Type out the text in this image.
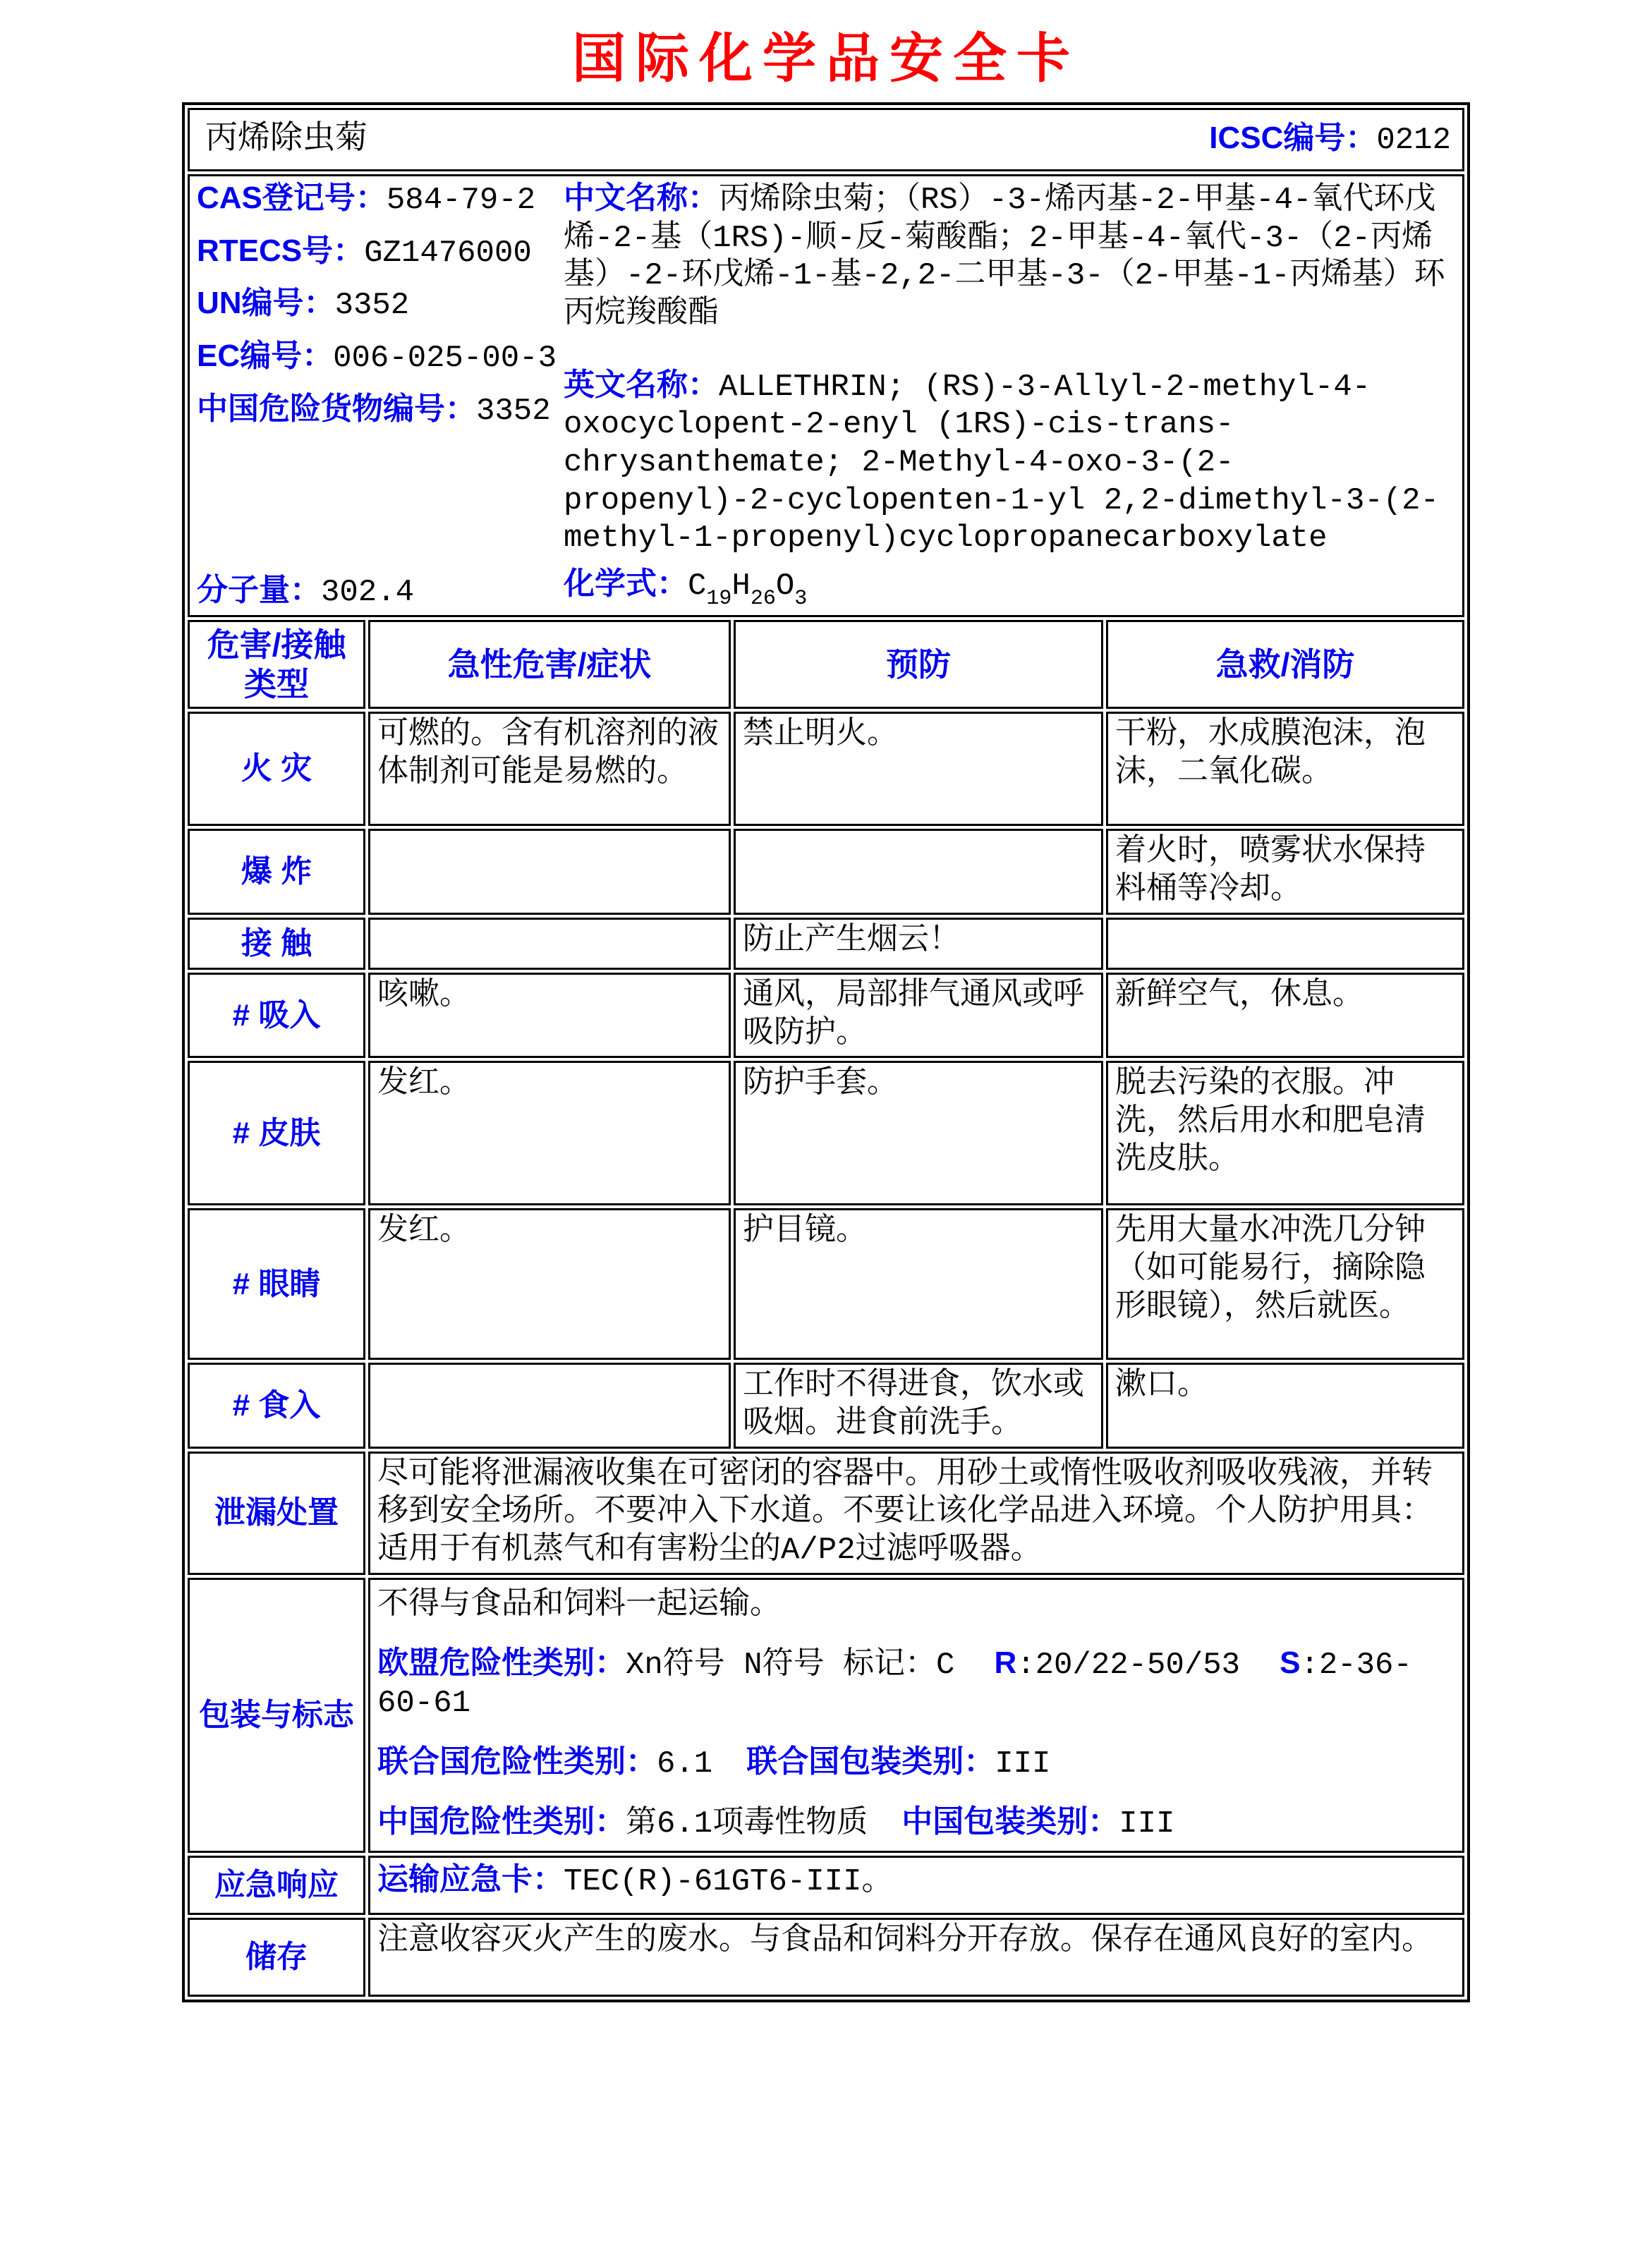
国际化学品安全卡
丙烯除虫菊 ICSC编号：0212			

CAS登记号：584-79-2
RTECS号：GZ1476000
UN编号：3352
EC编号：006-025-00-3
中国危险货物编号：3352
分子量：302.4

中文名称：丙烯除虫菊；（RS）-3-烯丙基-2-甲基-4-氧代环戊烯-2-基（1RS)-顺-反-菊酸酯；2-甲基-4-氧代-3-（2-丙烯基）-2-环戊烯-1-基-2,2-二甲基-3-（2-甲基-1-丙烯基）环丙烷羧酸酯

英文名称：ALLETHRIN; (RS)-3-Allyl-2-methyl-4-oxocyclopent-2-enyl (1RS)-cis-trans-chrysanthemate; 2-Methyl-4-oxo-3-(2-propenyl)-2-cyclopenten-1-yl 2,2-dimethyl-3-(2-methyl-1-propenyl)cyclopropanecarboxylate

化学式：$C_{19}H_{26}O_3$

危害/接触类型	急性危害/症状	预防	急救/消防
火 灾	可燃的。含有机溶剂的液体制剂可能是易燃的。	禁止明火。	干粉，水成膜泡沫，泡沫，二氧化碳。
爆 炸			着火时，喷雾状水保持料桶等冷却。
接 触		防止产生烟云！	
# 吸入	咳嗽。	通风，局部排气通风或呼吸防护。	新鲜空气，休息。
# 皮肤	发红。	防护手套。	脱去污染的衣服。冲洗，然后用水和肥皂清洗皮肤。
# 眼睛	发红。	护目镜。	先用大量水冲洗几分钟（如可能易行，摘除隐形眼镜），然后就医。
# 食入		工作时不得进食，饮水或吸烟。进食前洗手。	漱口。
泄漏处置	尽可能将泄漏液收集在可密闭的容器中。用砂土或惰性吸收剂吸收残液，并转移到安全场所。不要冲入下水道。不要让该化学品进入环境。个人防护用具：适用于有机蒸气和有害粉尘的A/P2过滤呼吸器。		
包装与标志	不得与食品和饲料一起运输。

欧盟危险性类别：Xn符号 N符号 标记：C R:20/22-50/53 S:2-36-60-61

联合国危险性类别：6.1 联合国包装类别：III

中国危险性类别：第6.1项毒性物质 中国包装类别：III		

应急响应	运输应急卡：TEC(R)-61GT6-III。		
储存	注意收容灭火产生的废水。与食品和饲料分开存放。保存在通风良好的室内。		
